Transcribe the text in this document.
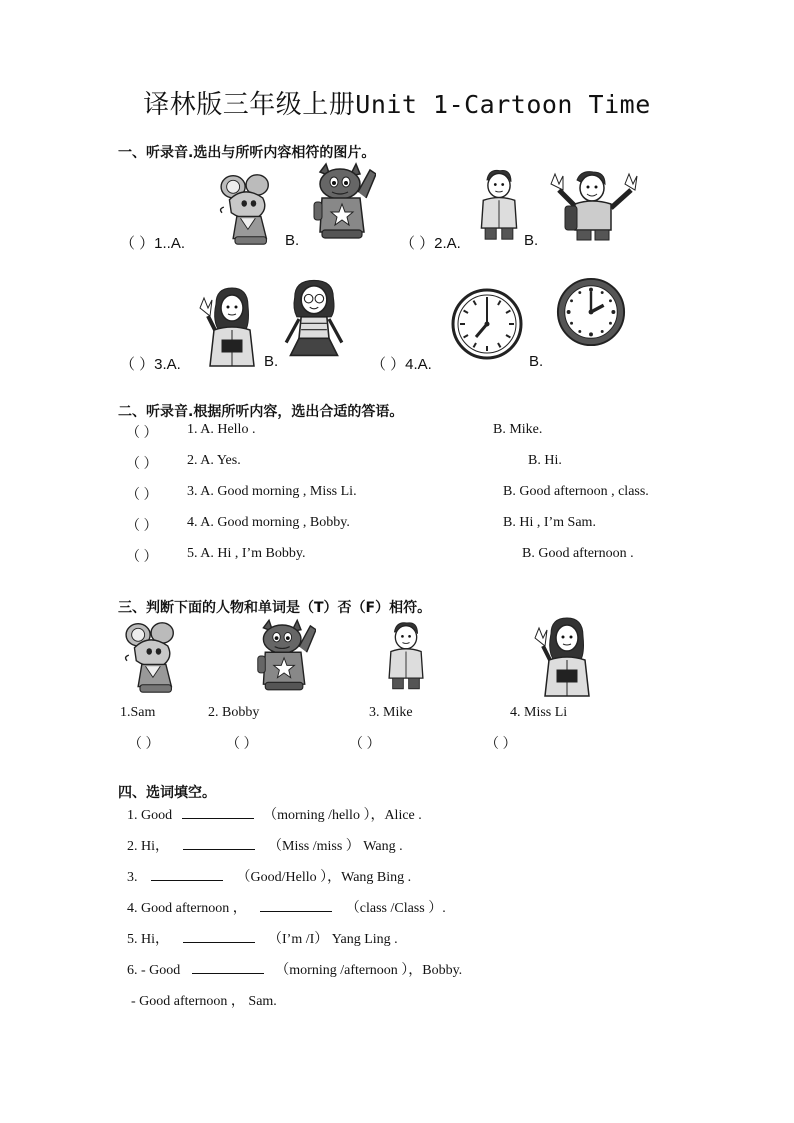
译林版三年级上册Unit 1-Cartoon Time
一、听录音.选出与所听内容相符的图片。
（ ）1..A.	B.	（ ）2.A.	B.
（ ）3.A.	B.	（ ）4.A.	B.
二、听录音.根据所听内容，选出合适的答语。
（ ） 1. A. Hello .	B. Mike.
（ ） 2. A. Yes.	B. Hi.
（ ） 3. A. Good morning , Miss Li.	B. Good afternoon , class.
（ ） 4. A. Good morning , Bobby.	B. Hi , I’m Sam.
（ ） 5. A. Hi , I’m Bobby.	B. Good afternoon .
三、判断下面的人物和单词是（T）否（F）相符。
1.Sam	2. Bobby	3. Mike	4. Miss Li
（ ）	（ ）	（ ）	（ ）
四、选词填空。
1. Good	（morning /hello ），Alice .
2. Hi，	（Miss /miss ） Wang .
3.	（Good/Hello ），Wang Bing .
4. Good afternoon ，	（class /Class ）.
5. Hi，	（I’m /I） Yang Ling .
6. - Good	（morning /afternoon ），Bobby.
- Good afternoon ， Sam.
